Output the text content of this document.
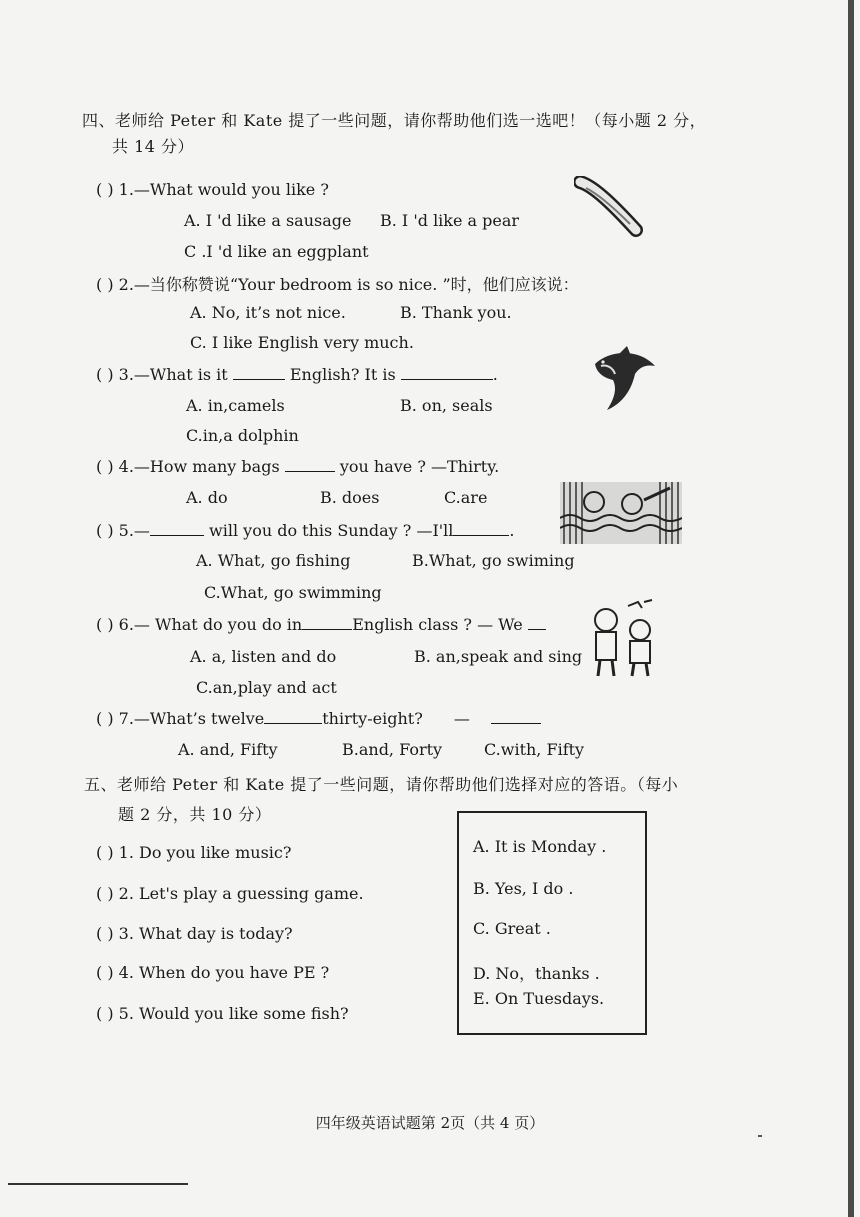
四、老师给 Peter 和 Kate 提了一些问题，请你帮助他们选一选吧！（每小题 2 分，
共 14 分）
( ) 1.—What would you like ?
A. I 'd like a sausage B. I 'd like a pear
C .I 'd like an eggplant
( ) 2.—当你称赞说“Your bedroom is so nice. ”时，他们应该说：
A. No, it’s not nice.	B. Thank you.
C. I like English very much.
( ) 3.—What is it	English? It is	.
A. in,camels	B. on, seals
C.in,a dolphin
( ) 4.—How many bags	you have ? —Thirty.
A. do	B. does	C.are
( ) 5.—	will you do this Sunday ? —I'll	.
A. What, go fishing	B.What, go swiming
C.What, go swimming
( ) 6.— What do you do in	English class ? — We
A. a, listen and do	B. an,speak and sing
C.an,play and act
( ) 7.—What’s twelve	thirty-eight? —
A. and, Fifty	B.and, Forty	C.with, Fifty
五、老师给 Peter 和 Kate 提了一些问题，请你帮助他们选择对应的答语。（每小
题 2 分，共 10 分）
( ) 1. Do you like music?
( ) 2. Let's play a guessing game.
( ) 3. What day is today?
( ) 4. When do you have PE ?
( ) 5. Would you like some fish?
A. It is Monday .
B. Yes, I do .
C. Great .
D. No，thanks .
E. On Tuesdays.
四年级英语试题第 2页（共 4 页）
